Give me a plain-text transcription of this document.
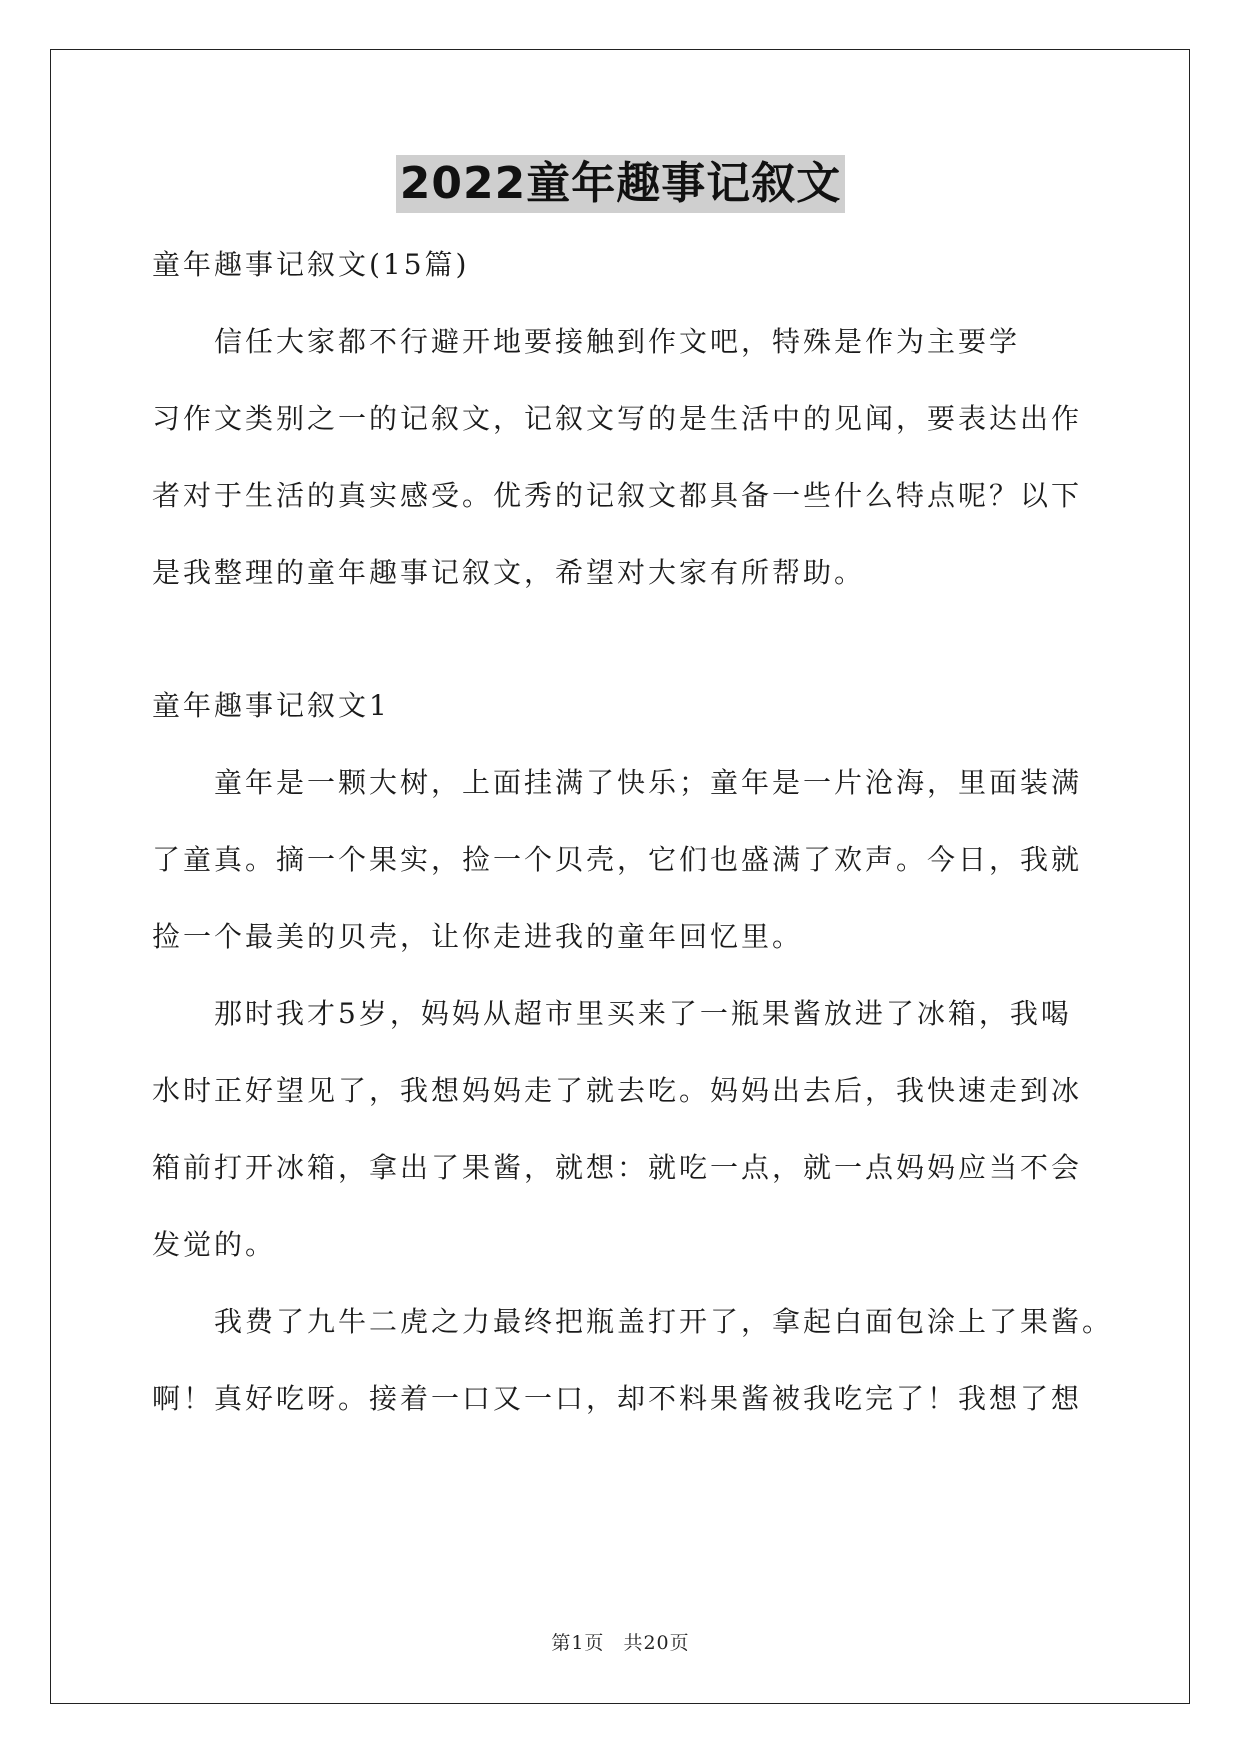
2022童年趣事记叙文
童年趣事记叙文(15篇)
　　信任大家都不行避开地要接触到作文吧，特殊是作为主要学
习作文类别之一的记叙文，记叙文写的是生活中的见闻，要表达出作
者对于生活的真实感受。优秀的记叙文都具备一些什么特点呢？以下
是我整理的童年趣事记叙文，希望对大家有所帮助。
童年趣事记叙文1
　　童年是一颗大树，上面挂满了快乐；童年是一片沧海，里面装满
了童真。摘一个果实，捡一个贝壳，它们也盛满了欢声。今日，我就
捡一个最美的贝壳，让你走进我的童年回忆里。
　　那时我才5岁，妈妈从超市里买来了一瓶果酱放进了冰箱，我喝
水时正好望见了，我想妈妈走了就去吃。妈妈出去后，我快速走到冰
箱前打开冰箱，拿出了果酱，就想：就吃一点，就一点妈妈应当不会
发觉的。
　　我费了九牛二虎之力最终把瓶盖打开了，拿起白面包涂上了果酱。
啊！真好吃呀。接着一口又一口，却不料果酱被我吃完了！我想了想
第1页 共20页
